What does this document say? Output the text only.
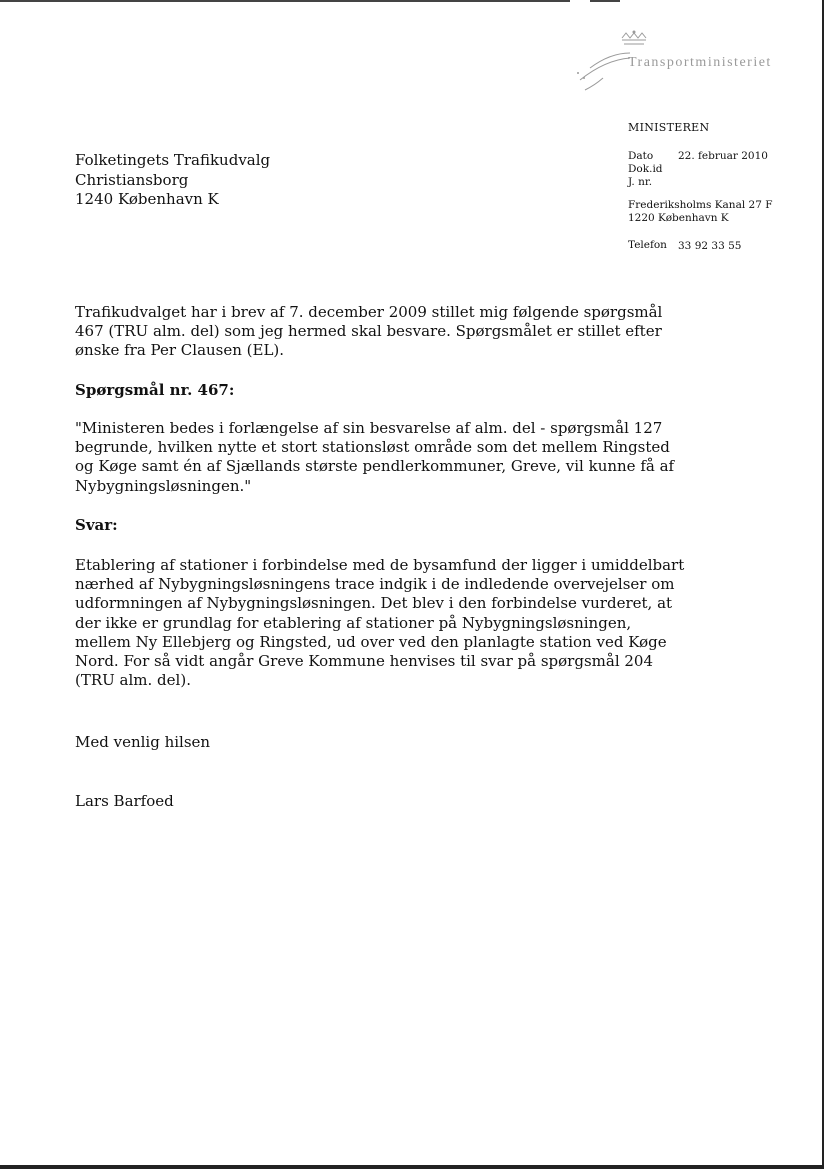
Transportministeriet
MINISTEREN
Dato 22. februar 2010
Dok.id
J. nr.
Frederiksholms Kanal 27 F
1220 København K
Telefon 33 92 33 55
Folketingets Trafikudvalg
Christiansborg
1240 København K
Trafikudvalget har i brev af 7. december 2009 stillet mig følgende spørgsmål
467 (TRU alm. del) som jeg hermed skal besvare. Spørgsmålet er stillet efter
ønske fra Per Clausen (EL).
Spørgsmål nr. 467:
"Ministeren bedes i forlængelse af sin besvarelse af alm. del - spørgsmål 127
begrunde, hvilken nytte et stort stationsløst område som det mellem Ringsted
og Køge samt én af Sjællands største pendlerkommuner, Greve, vil kunne få af
Nybygningsløsningen."
Svar:
Etablering af stationer i forbindelse med de bysamfund der ligger i umiddelbart
nærhed af Nybygningsløsningens trace indgik i de indledende overvejelser om
udformningen af Nybygningsløsningen. Det blev i den forbindelse vurderet, at
der ikke er grundlag for etablering af stationer på Nybygningsløsningen,
mellem Ny Ellebjerg og Ringsted, ud over ved den planlagte station ved Køge
Nord. For så vidt angår Greve Kommune henvises til svar på spørgsmål 204
(TRU alm. del).
Med venlig hilsen
Lars Barfoed
